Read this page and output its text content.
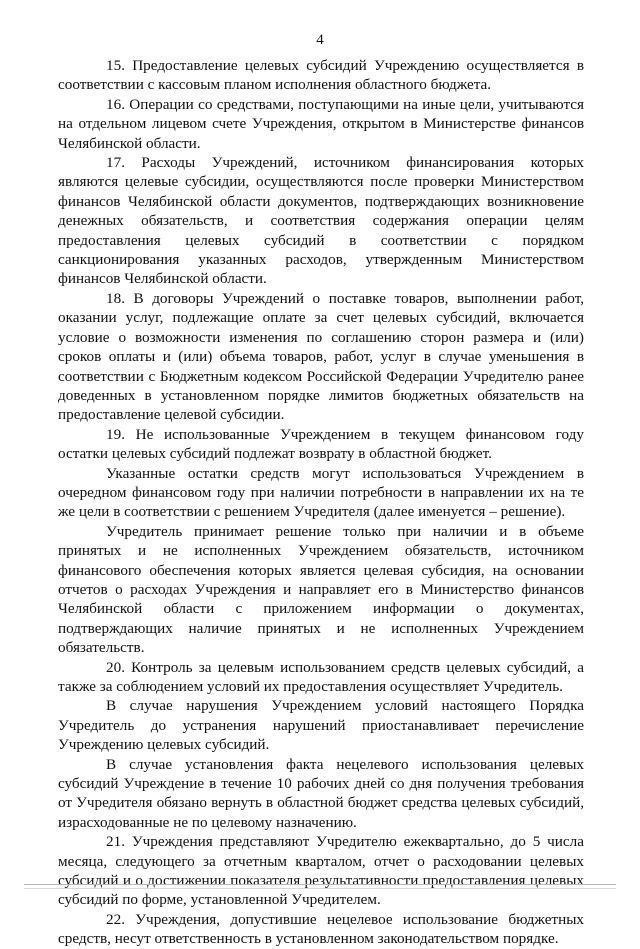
4

15. Предоставление целевых субсидий Учреждению осуществляется в соответствии с кассовым планом исполнения областного бюджета.

16. Операции со средствами, поступающими на иные цели, учитываются на отдельном лицевом счете Учреждения, открытом в Министерстве финансов Челябинской области.

17. Расходы Учреждений, источником финансирования которых являются целевые субсидии, осуществляются после проверки Министерством финансов Челябинской области документов, подтверждающих возникновение денежных обязательств, и соответствия содержания операции целям предоставления целевых субсидий в соответствии с порядком санкционирования указанных расходов, утвержденным Министерством финансов Челябинской области.

18. В договоры Учреждений о поставке товаров, выполнении работ, оказании услуг, подлежащие оплате за счет целевых субсидий, включается условие о возможности изменения по соглашению сторон размера и (или) сроков оплаты и (или) объема товаров, работ, услуг в случае уменьшения в соответствии с Бюджетным кодексом Российской Федерации Учредителю ранее доведенных в установленном порядке лимитов бюджетных обязательств на предоставление целевой субсидии.

19. Не использованные Учреждением в текущем финансовом году остатки целевых субсидий подлежат возврату в областной бюджет.

Указанные остатки средств могут использоваться Учреждением в очередном финансовом году при наличии потребности в направлении их на те же цели в соответствии с решением Учредителя (далее именуется – решение).

Учредитель принимает решение только при наличии и в объеме принятых и не исполненных Учреждением обязательств, источником финансового обеспечения которых является целевая субсидия, на основании отчетов о расходах Учреждения и направляет его в Министерство финансов Челябинской области с приложением информации о документах, подтверждающих наличие принятых и не исполненных Учреждением обязательств.

20. Контроль за целевым использованием средств целевых субсидий, а также за соблюдением условий их предоставления осуществляет Учредитель.

В случае нарушения Учреждением условий настоящего Порядка Учредитель до устранения нарушений приостанавливает перечисление Учреждению целевых субсидий.

В случае установления факта нецелевого использования целевых субсидий Учреждение в течение 10 рабочих дней со дня получения требования от Учредителя обязано вернуть в областной бюджет средства целевых субсидий, израсходованные не по целевому назначению.

21. Учреждения представляют Учредителю ежеквартально, до 5 числа месяца, следующего за отчетным кварталом, отчет о расходовании целевых субсидий и о достижении показателя результативности предоставления целевых субсидий по форме, установленной Учредителем.

22. Учреждения, допустившие нецелевое использование бюджетных средств, несут ответственность в установленном законодательством порядке.
